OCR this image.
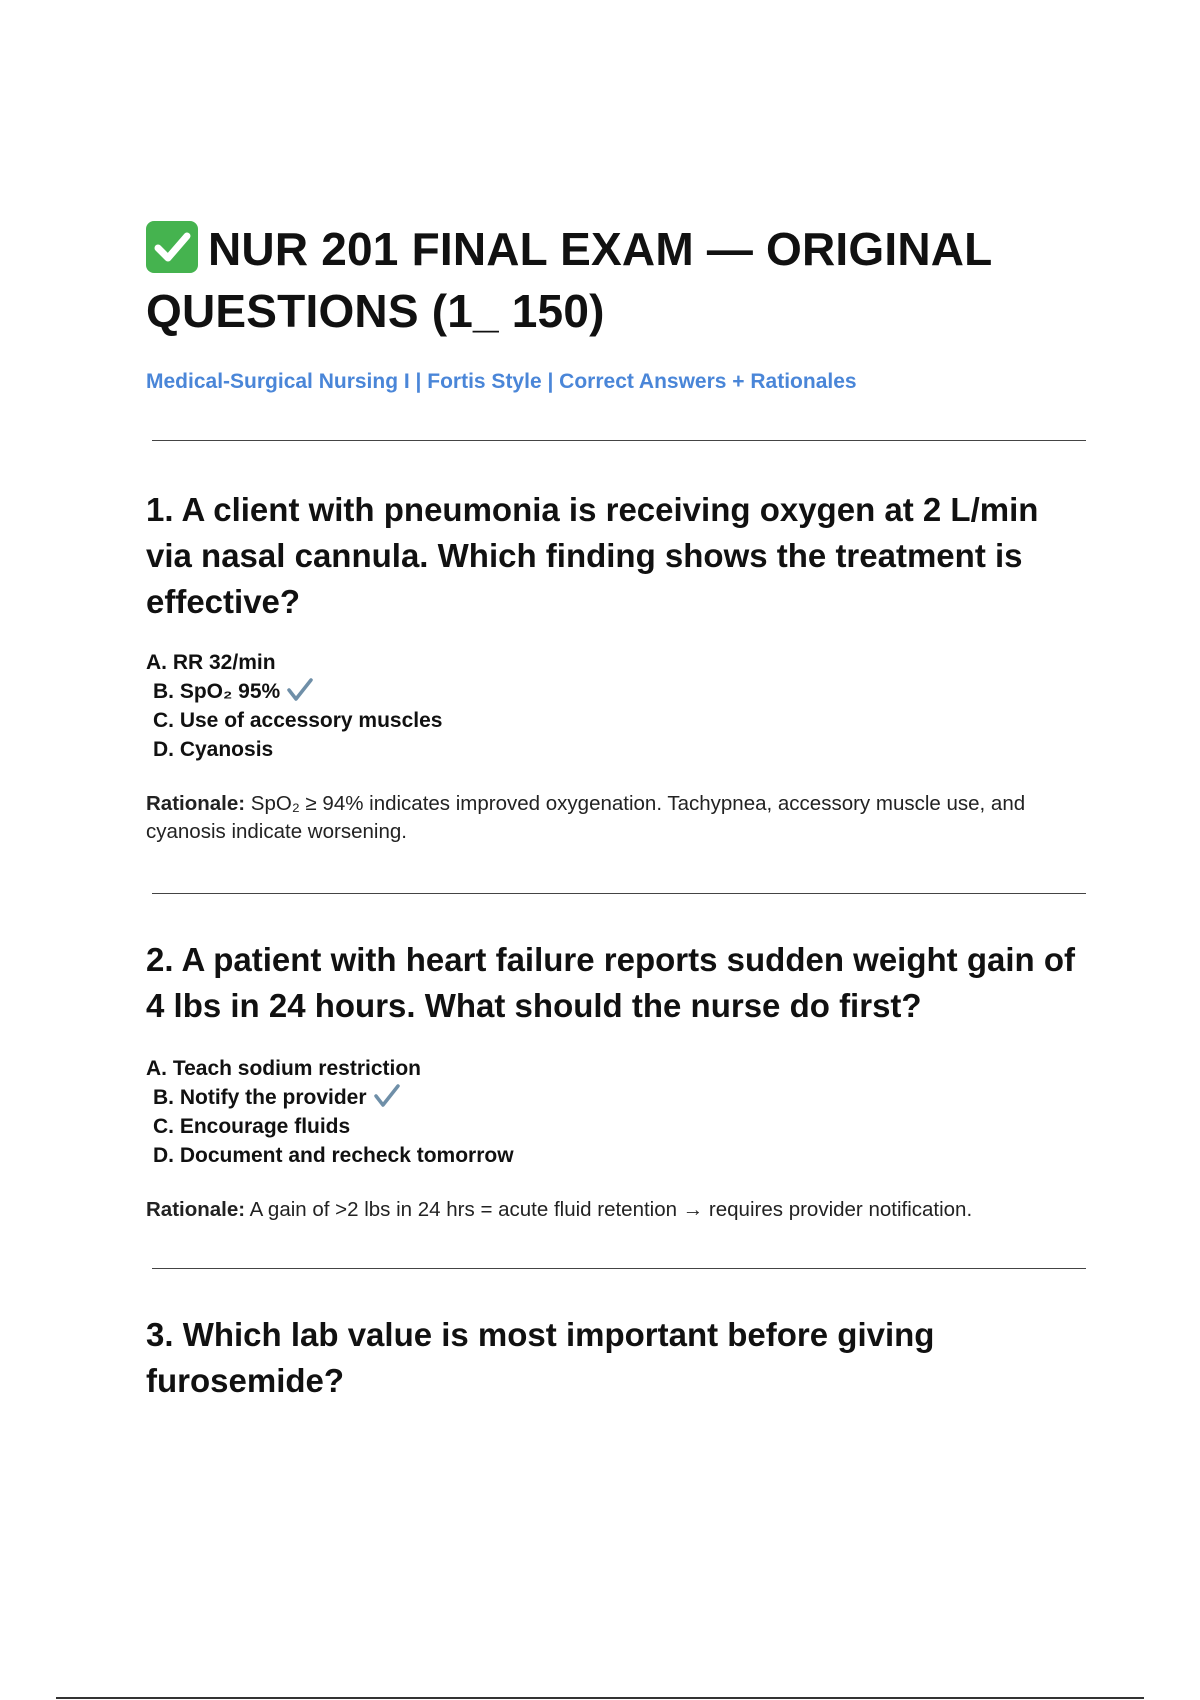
NUR 201 FINAL EXAM — ORIGINAL QUESTIONS (1_ 150)

Medical-Surgical Nursing I | Fortis Style | Correct Answers + Rationales

1. A client with pneumonia is receiving oxygen at 2 L/min via nasal cannula. Which finding shows the treatment is effective?

A. RR 32/min
B. SpO₂ 95%
C. Use of accessory muscles
D. Cyanosis

Rationale: SpO₂ ≥ 94% indicates improved oxygenation. Tachypnea, accessory muscle use, and cyanosis indicate worsening.

2. A patient with heart failure reports sudden weight gain of 4 lbs in 24 hours. What should the nurse do first?

A. Teach sodium restriction
B. Notify the provider
C. Encourage fluids
D. Document and recheck tomorrow

Rationale: A gain of >2 lbs in 24 hrs = acute fluid retention → requires provider notification.

3. Which lab value is most important before giving furosemide?
